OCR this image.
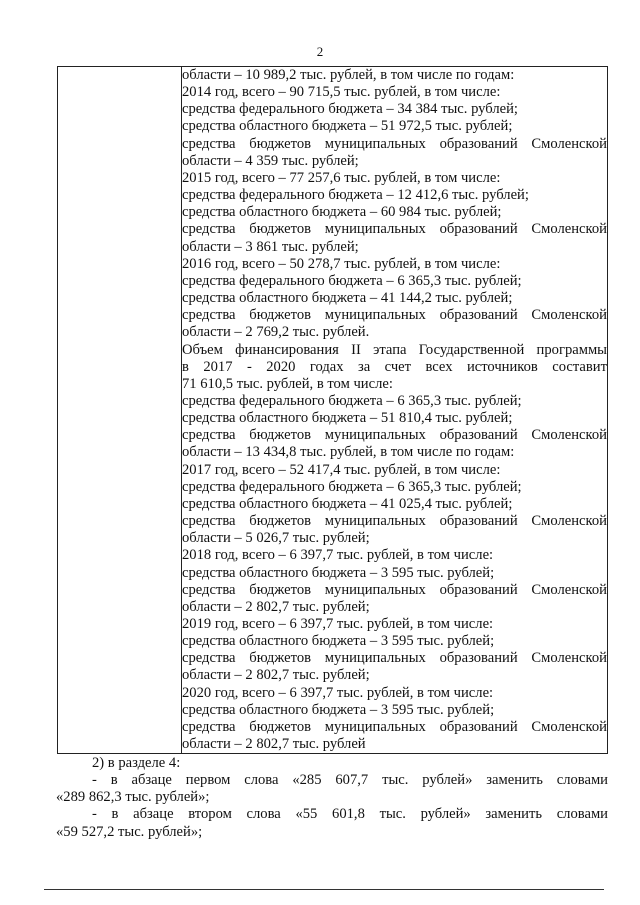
2

области – 10 989,2 тыс. рублей, в том числе по годам:
2014 год, всего – 90 715,5 тыс. рублей, в том числе:
средства федерального бюджета – 34 384 тыс. рублей;
средства областного бюджета – 51 972,5 тыс. рублей;
средства бюджетов муниципальных образований Смоленской
области – 4 359 тыс. рублей;
2015 год, всего – 77 257,6 тыс. рублей, в том числе:
средства федерального бюджета – 12 412,6 тыс. рублей;
средства областного бюджета – 60 984 тыс. рублей;
средства бюджетов муниципальных образований Смоленской
области – 3 861 тыс. рублей;
2016 год, всего – 50 278,7 тыс. рублей, в том числе:
средства федерального бюджета – 6 365,3 тыс. рублей;
средства областного бюджета – 41 144,2 тыс. рублей;
средства бюджетов муниципальных образований Смоленской
области – 2 769,2 тыс. рублей.
Объем финансирования II этапа Государственной программы
в 2017 - 2020 годах за счет всех источников составит
71 610,5 тыс. рублей, в том числе:
средства федерального бюджета – 6 365,3 тыс. рублей;
средства областного бюджета – 51 810,4 тыс. рублей;
средства бюджетов муниципальных образований Смоленской
области – 13 434,8 тыс. рублей, в том числе по годам:
2017 год, всего – 52 417,4 тыс. рублей, в том числе:
средства федерального бюджета – 6 365,3 тыс. рублей;
средства областного бюджета – 41 025,4 тыс. рублей;
средства бюджетов муниципальных образований Смоленской
области – 5 026,7 тыс. рублей;
2018 год, всего – 6 397,7 тыс. рублей, в том числе:
средства областного бюджета – 3 595 тыс. рублей;
средства бюджетов муниципальных образований Смоленской
области – 2 802,7 тыс. рублей;
2019 год, всего – 6 397,7 тыс. рублей, в том числе:
средства областного бюджета – 3 595 тыс. рублей;
средства бюджетов муниципальных образований Смоленской
области – 2 802,7 тыс. рублей;
2020 год, всего – 6 397,7 тыс. рублей, в том числе:
средства областного бюджета – 3 595 тыс. рублей;
средства бюджетов муниципальных образований Смоленской
области – 2 802,7 тыс. рублей
2) в разделе 4:
- в абзаце первом слова «285 607,7 тыс. рублей» заменить словами
«289 862,3 тыс. рублей»;
- в абзаце втором слова «55 601,8 тыс. рублей» заменить словами
«59 527,2 тыс. рублей»;
